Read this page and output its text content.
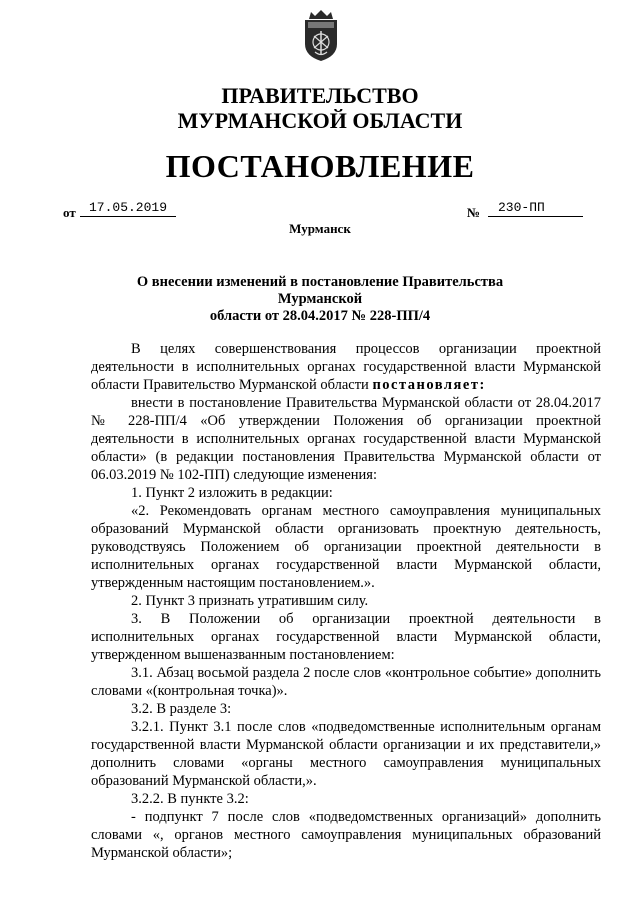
ПРАВИТЕЛЬСТВО
МУРМАНСКОЙ ОБЛАСТИ
ПОСТАНОВЛЕНИЕ
от	17.05.2019	№	230-ПП
Мурманск
О внесении изменений в постановление Правительства Мурманской
области от 28.04.2017 № 228-ПП/4

В целях совершенствования процессов организации проектной деятельности в исполнительных органах государственной власти Мурманской области Правительство Мурманской области постановляет:

внести в постановление Правительства Мурманской области от 28.04.2017 № 228-ПП/4 «Об утверждении Положения об организации проектной деятельности в исполнительных органах государственной власти Мурманской области» (в редакции постановления Правительства Мурманской области от 06.03.2019 № 102-ПП) следующие изменения:

1. Пункт 2 изложить в редакции:

«2. Рекомендовать органам местного самоуправления муниципальных образований Мурманской области организовать проектную деятельность, руководствуясь Положением об организации проектной деятельности в исполнительных органах государственной власти Мурманской области, утвержденным настоящим постановлением.».

2. Пункт 3 признать утратившим силу.

3. В Положении об организации проектной деятельности в исполнительных органах государственной власти Мурманской области, утвержденном вышеназванным постановлением:

3.1. Абзац восьмой раздела 2 после слов «контрольное событие» дополнить словами «(контрольная точка)».

3.2. В разделе 3:

3.2.1. Пункт 3.1 после слов «подведомственные исполнительным органам государственной власти Мурманской области организации и их представители,» дополнить словами «органы местного самоуправления муниципальных образований Мурманской области,».

3.2.2. В пункте 3.2:

- подпункт 7 после слов «подведомственных организаций» дополнить словами «, органов местного самоуправления муниципальных образований Мурманской области»;
